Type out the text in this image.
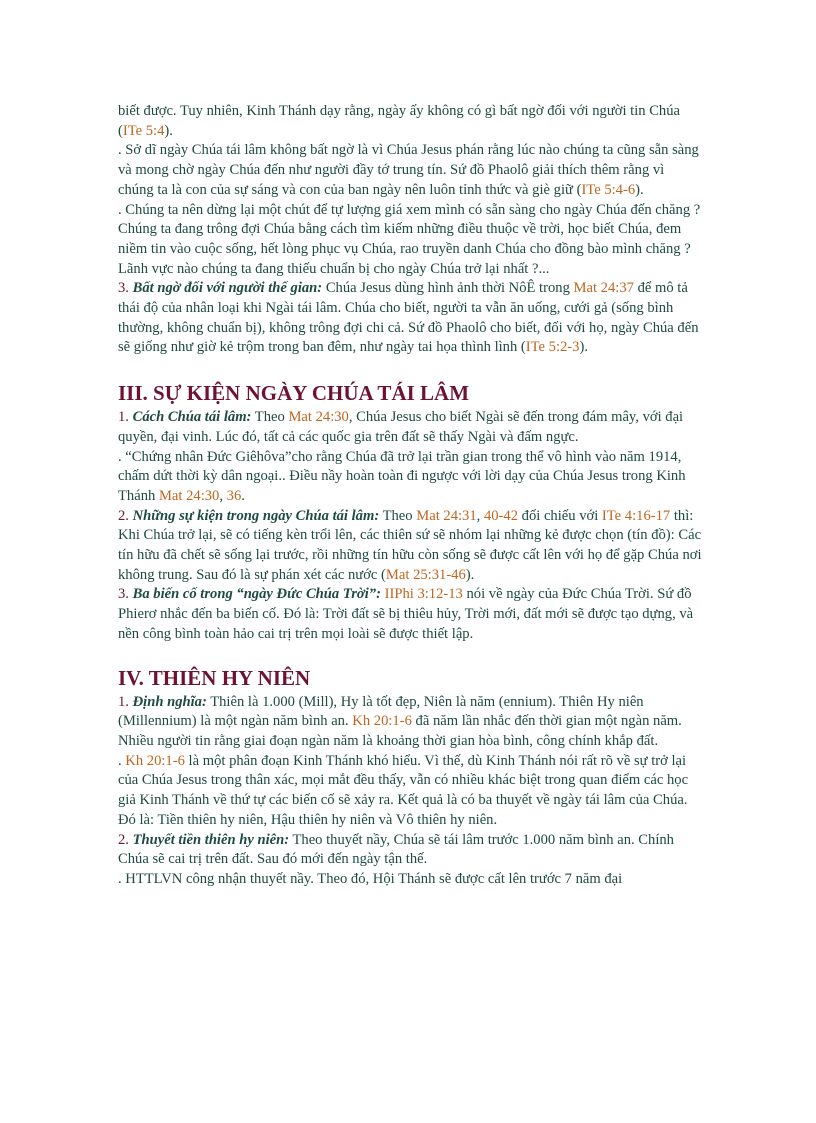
biết được. Tuy nhiên, Kinh Thánh dạy rằng, ngày ấy không có gì bất ngờ đối với người tin Chúa (ITe 5:4).

. Sở dĩ ngày Chúa tái lâm không bất ngờ là vì Chúa Jesus phán rằng lúc nào chúng ta cũng sẵn sàng và mong chờ ngày Chúa đến như người đầy tớ trung tín. Sứ đồ Phaolô giải thích thêm rằng vì chúng ta là con của sự sáng và con của ban ngày nên luôn tỉnh thức và giè giữ (ITe 5:4-6).

. Chúng ta nên dừng lại một chút để tự lượng giá xem mình có sẵn sàng cho ngày Chúa đến chăng ? Chúng ta đang trông đợi Chúa bằng cách tìm kiếm những điều thuộc về trời, học biết Chúa, đem niềm tin vào cuộc sống, hết lòng phục vụ Chúa, rao truyền danh Chúa cho đồng bào mình chăng ? Lãnh vực nào chúng ta đang thiếu chuẩn bị cho ngày Chúa trở lại nhất ?...

3. Bất ngờ đối với người thế gian: Chúa Jesus dùng hình ảnh thời NôÊ trong Mat 24:37 để mô tả thái độ của nhân loại khi Ngài tái lâm. Chúa cho biết, người ta vẫn ăn uống, cưới gả (sống bình thường, không chuẩn bị), không trông đợi chi cả. Sứ đồ Phaolô cho biết, đối với họ, ngày Chúa đến sẽ giống như giờ kẻ trộm trong ban đêm, như ngày tai họa thình lình (ITe 5:2-3).

III. SỰ KIỆN NGÀY CHÚA TÁI LÂM

1. Cách Chúa tái lâm: Theo Mat 24:30, Chúa Jesus cho biết Ngài sẽ đến trong đám mây, với đại quyền, đại vinh. Lúc đó, tất cả các quốc gia trên đất sẽ thấy Ngài và đấm ngực.

. “Chứng nhân Đức Giêhôva”cho rằng Chúa đã trở lại trần gian trong thể vô hình vào năm 1914, chấm dứt thời kỳ dân ngoại.. Điều nầy hoàn toàn đi ngược với lời dạy của Chúa Jesus trong Kinh Thánh Mat 24:30, 36.

2. Những sự kiện trong ngày Chúa tái lâm: Theo Mat 24:31, 40-42 đối chiếu với ITe 4:16-17 thì: Khi Chúa trở lại, sẽ có tiếng kèn trổi lên, các thiên sứ sẽ nhóm lại những kẻ được chọn (tín đồ): Các tín hữu đã chết sẽ sống lại trước, rồi những tín hữu còn sống sẽ được cất lên với họ để gặp Chúa nơi không trung. Sau đó là sự phán xét các nước (Mat 25:31-46).

3. Ba biến cố trong “ngày Đức Chúa Trời”: IIPhi 3:12-13 nói về ngày của Đức Chúa Trời. Sứ đồ Phierơ nhắc đến ba biến cố. Đó là: Trời đất sẽ bị thiêu hủy, Trời mới, đất mới sẽ được tạo dựng, và nền công bình toàn hảo cai trị trên mọi loài sẽ được thiết lập.

IV. THIÊN HY NIÊN

1. Định nghĩa: Thiên là 1.000 (Mill), Hy là tốt đẹp, Niên là năm (ennium). Thiên Hy niên (Millennium) là một ngàn năm bình an. Kh 20:1-6 đã năm lần nhắc đến thời gian một ngàn năm. Nhiều người tin rằng giai đoạn ngàn năm là khoảng thời gian hòa bình, công chính khắp đất.

. Kh 20:1-6 là một phân đoạn Kinh Thánh khó hiểu. Vì thế, dù Kinh Thánh nói rất rõ về sự trở lại của Chúa Jesus trong thân xác, mọi mắt đều thấy, vẫn có nhiều khác biệt trong quan điểm các học giả Kinh Thánh về thứ tự các biến cố sẽ xảy ra. Kết quả là có ba thuyết về ngày tái lâm của Chúa. Đó là: Tiền thiên hy niên, Hậu thiên hy niên và Vô thiên hy niên.

2. Thuyết tiền thiên hy niên: Theo thuyết nầy, Chúa sẽ tái lâm trước 1.000 năm bình an. Chính Chúa sẽ cai trị trên đất. Sau đó mới đến ngày tận thế.

. HTTLVN công nhận thuyết nầy. Theo đó, Hội Thánh sẽ được cất lên trước 7 năm đại
